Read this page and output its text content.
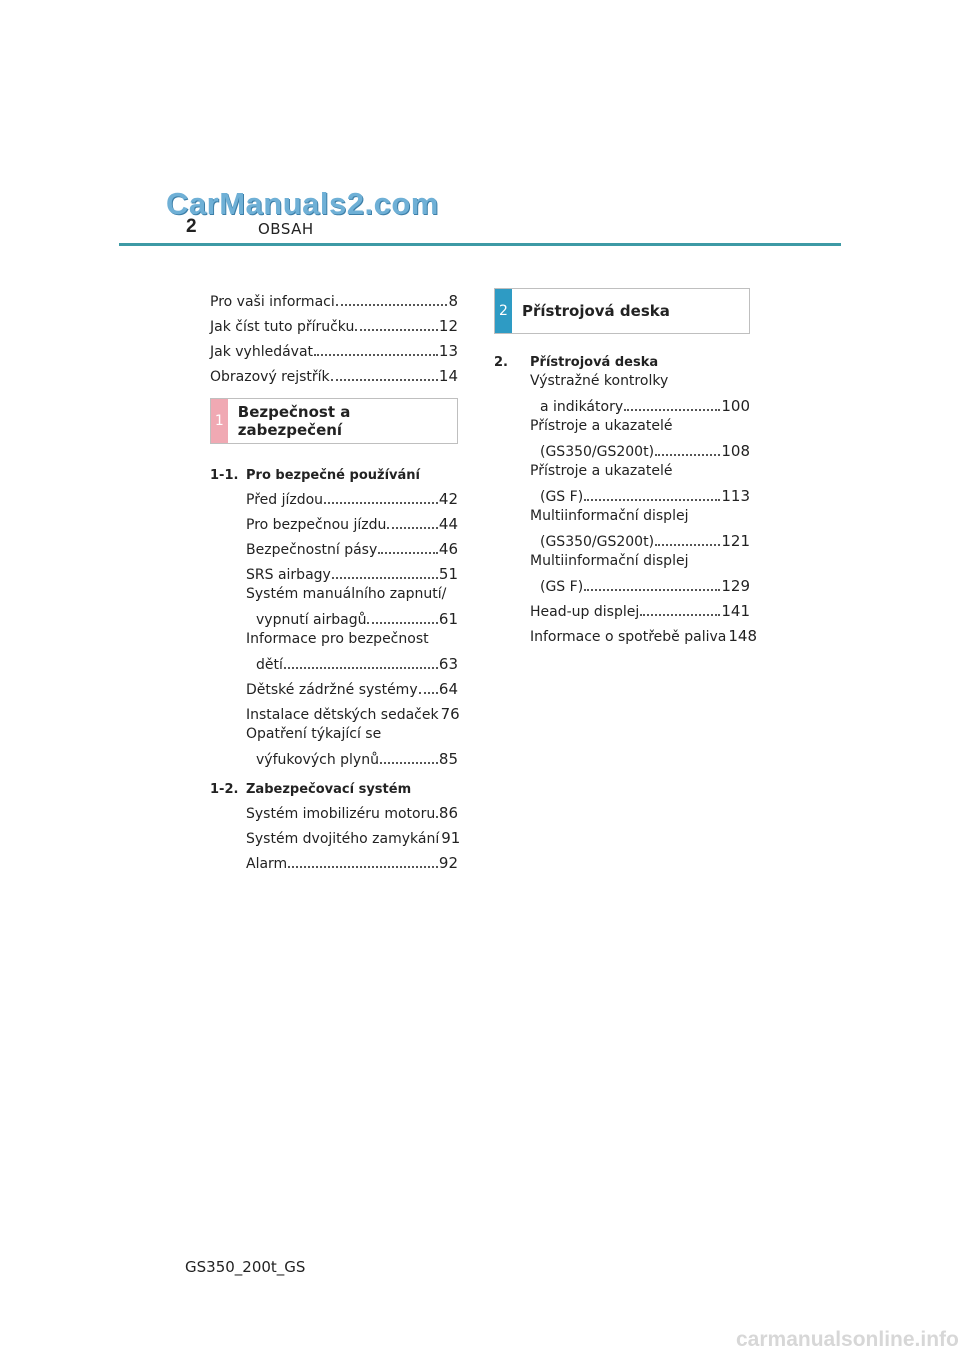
CarManuals2.com
2	OBSAH
Pro vaši informaci	8
Jak číst tuto příručku	12
Jak vyhledávat	13
Obrazový rejstřík	14
1 Bezpečnost a zabezpečení
1-1. Pro bezpečné používání
Před jízdou	42
Pro bezpečnou jízdu	44
Bezpečnostní pásy	46
SRS airbagy	51
Systém manuálního zapnutí/
vypnutí airbagů	61
Informace pro bezpečnost
dětí	63
Dětské zádržné systémy 64
Instalace dětských sedaček 76
Opatření týkající se
výfukových plynů	85
1-2. Zabezpečovací systém
Systém imobilizéru motoru 86
Systém dvojitého zamykání 91
Alarm	92
2 Přístrojová deska
2.	Přístrojová deska
Výstražné kontrolky
a indikátory	100
Přístroje a ukazatelé
(GS350/GS200t)	108
Přístroje a ukazatelé
(GS F)	113
Multiinformační displej
(GS350/GS200t)	121
Multiinformační displej
(GS F)	129
Head-up displej	141
Informace o spotřebě paliva 148
GS350_200t_GS
carmanualsonline.info
